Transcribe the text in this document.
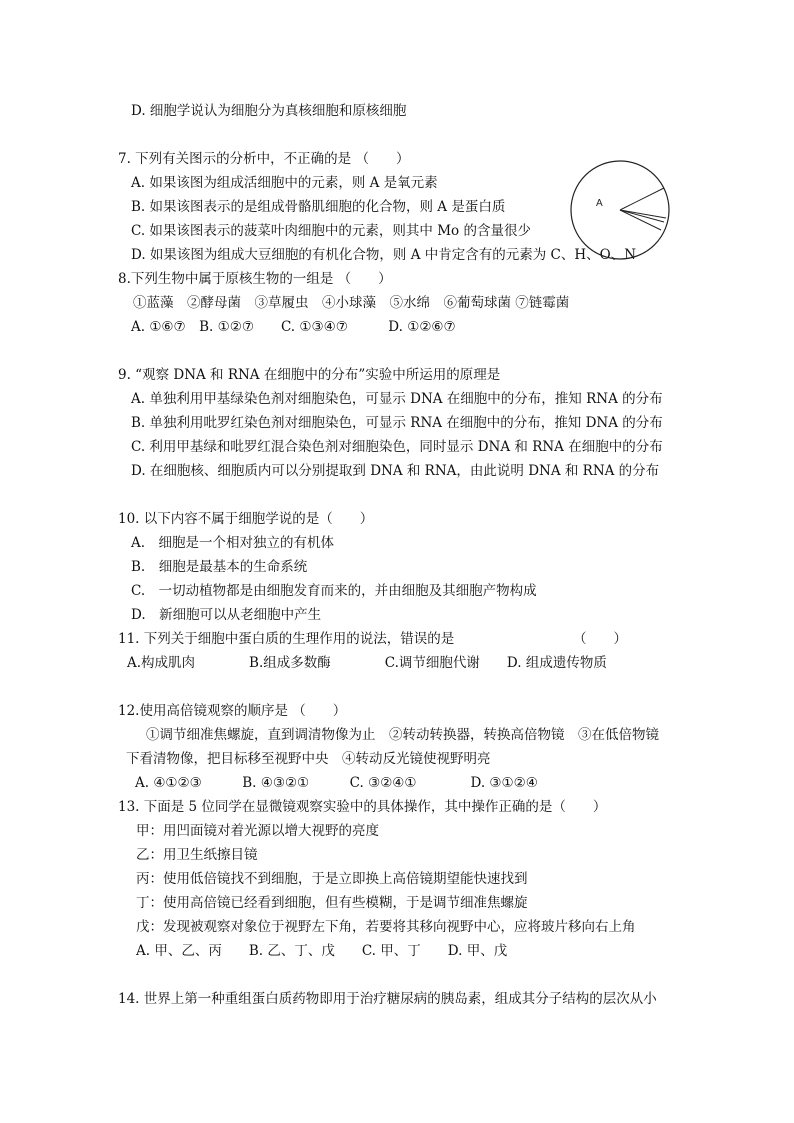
D. 细胞学说认为细胞分为真核细胞和原核细胞
7. 下列有关图示的分析中，不正确的是 （　　）
A. 如果该图为组成活细胞中的元素，则 A 是氧元素
B. 如果该图表示的是组成骨骼肌细胞的化合物，则 A 是蛋白质
C. 如果该图表示的菠菜叶肉细胞中的元素，则其中 Mo 的含量很少
D. 如果该图为组成大豆细胞的有机化合物，则 A 中肯定含有的元素为 C、H、O、N
A
8.下列生物中属于原核生物的一组是 （　　）
①蓝藻　②酵母菌　③草履虫　④小球藻　⑤水绵　⑥葡萄球菌 ⑦链霉菌
A. ①⑥⑦　B. ①②⑦　　C. ①③④⑦　　　D. ①②⑥⑦
9. “观察 DNA 和 RNA 在细胞中的分布”实验中所运用的原理是
A. 单独利用甲基绿染色剂对细胞染色，可显示 DNA 在细胞中的分布，推知 RNA 的分布
B. 单独利用吡罗红染色剂对细胞染色，可显示 RNA 在细胞中的分布，推知 DNA 的分布
C. 利用甲基绿和吡罗红混合染色剂对细胞染色，同时显示 DNA 和 RNA 在细胞中的分布
D. 在细胞核、细胞质内可以分别提取到 DNA 和 RNA，由此说明 DNA 和 RNA 的分布
10. 以下内容不属于细胞学说的是（　　）
A.　细胞是一个相对独立的有机体
B.　细胞是最基本的生命系统
C.　一切动植物都是由细胞发育而来的，并由细胞及其细胞产物构成
D.　新细胞可以从老细胞中产生
11. 下列关于细胞中蛋白质的生理作用的说法，错误的是	（　　）
A.构成肌肉　　　　B.组成多数酶　　　　C.调节细胞代谢　　D. 组成遗传物质
12.使用高倍镜观察的顺序是 （　　）
①调节细准焦螺旋，直到调清物像为止　②转动转换器，转换高倍物镜　③在低倍物镜
下看清物像，把目标移至视野中央　④转动反光镜使视野明亮
A. ④①②③　　　B. ④③②①　　　C. ③②④①　　　　D. ③①②④
13. 下面是 5 位同学在显微镜观察实验中的具体操作，其中操作正确的是（　　）
甲：用凹面镜对着光源以增大视野的亮度
乙：用卫生纸擦目镜
丙：使用低倍镜找不到细胞，于是立即换上高倍镜期望能快速找到
丁：使用高倍镜已经看到细胞，但有些模糊，于是调节细准焦螺旋
戊：发现被观察对象位于视野左下角，若要将其移向视野中心，应将玻片移向右上角
A. 甲、乙、丙　　B. 乙、丁、戊　　C. 甲、丁　　D. 甲、戊
14. 世界上第一种重组蛋白质药物即用于治疗糖尿病的胰岛素，组成其分子结构的层次从小
